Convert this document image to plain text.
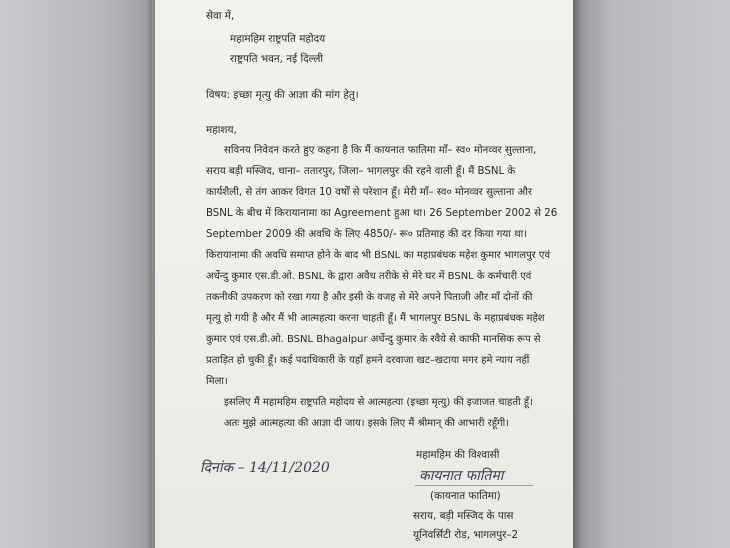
सेवा में,
महामहिम राष्ट्रपति महोदय
राष्ट्रपति भवन, नई दिल्ली
विषय: इच्छा मृत्यु की आज्ञा की मांग हेतु।
महाशय,
सविनय निवेदन करते हुए कहना है कि मैं कायनात फातिमा माँ– स्व० मोनव्वर सुल्ताना,
सराय बड़ी मस्जिद, थाना– ततारपुर, जिला– भागलपुर की रहने वाली हूँ। मैं BSNL के
कार्यशैली, से तंग आकर विगत 10 वर्षों से परेशान हूँ। मेरी माँ– स्व० मोनव्वर सुल्ताना और
BSNL के बीच में किरायानामा का Agreement हुआ था। 26 September 2002 से 26
September 2009 की अवधि के लिए 4850/- रू० प्रतिमाह की दर किया गया था।
किरायानामा की अवधि समाप्त होने के बाद भी BSNL का महाप्रबंधक महेश कुमार भागलपुर एवं
अर्धेन्दु कुमार एस.डी.ओ. BSNL के द्वारा अवैध तरीके से मेरे घर में BSNL के कर्मचारी एवं
तकनीकी उपकरण को रखा गया है और इसी के वजह से मेरे अपने पिताजी और माँ दोनों की
मृत्यु हो गयी है और मैं भी आत्महत्या करना चाहती हूँ। मैं भागलपुर BSNL के महाप्रबंधक महेश
कुमार एवं एस.डी.ओ. BSNL Bhagalpur अर्धेन्दु कुमार के रवैये से काफी मानसिक रूप से
प्रताड़ित हो चुकी हूँ। कई पदाधिकारी के यहाँ हमने दरवाजा खट–खटाया मगर हमे न्याय नहीं
मिला।
इसलिए मैं महामहिम राष्ट्रपति महोदय से आत्महत्या (इच्छा मृत्यु) की इजाजत चाहती हूँ।
अतः मुझे आत्महत्या की आज्ञा दी जाय। इसके लिए मैं श्रीमान् की आभारी रहूँगी।
महामहिम की विश्वासी
दिनांक – 14/11/2020	कायनात फातिमा
(कायनात फातिमा)
सराय, बड़ी मस्जिद के पास
यूनिवर्सिटी रोड, भागलपुर–2
